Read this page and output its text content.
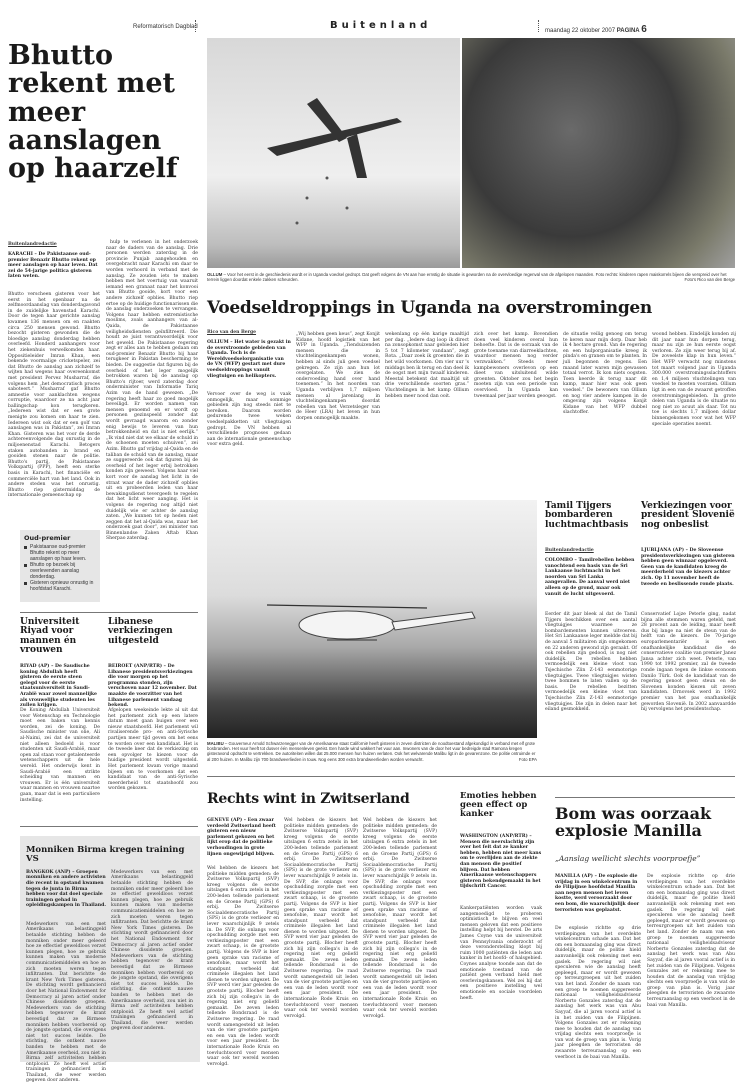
Reformatorisch Dagblad	Buitenland	maandag 22 oktober 2007 PAGINA 6
Bhutto rekent met meer aanslagen op haarzelf
Buitenlandredactie
KARACHI – De Pakistaanse oud-premier Benazir Bhutto rekent op meer aanslagen op haar leven. Dat zei de 54-jarige politica gisteren laten weten.
Bhutto verscheen gisteren voor het eerst in het openbaar na de zelfmoordaanslag van donderdagavond in de zuidelijke havenstad Karachi. Door de tegen haar gerichte aanslag kwamen 136 mensen om en raakten circa 250 mensen gewond. Bhutto bezocht gisteren gewonden die de bloedige aanslag donderdag hebben overleefd. Honderd aanhangers voor het ziekenhuis verwelkomden haar. Oppositieleider Imran Khan, een bekende voormalige cricketspeler, zei dat Bhutto de aanslag aan zichzelf te wijten had wegens haar overeenkomst met president Pervez Musharraf, die volgens hem „het democratisch proces saboteert.” Musharraf gaf Bhutto amnestie voor aanklachten wegens corruptie, waardoor ze na acht jaar ballingschap kon terugkeren. „Iedereen wist dat er een grote menigte zou komen om haar te zien. Iedereen wist ook dat er een golf van aanslagen was in Pakistan”, zei Imran Khan. Gisteren was het voor de derde achtereenvolgende dag onrustig in de miljoenenstad Karachi. Betogers staken autobanden in brand en gooiden stenen naar de politie. Bhutto's partij, de Pakistaanse Volkspartij (PPP), heeft een sterke basis in Karachi, het financiële en commerciële hart van het land. Ook in andere steden was het onrustig. Bhutto riep gistermiddag de internationale gemeenschap op
hulp te verlenen in het onderzoek naar de daders van de aanslag. Drie personen werden zaterdag in de provincie Punjab aangehouden en overgebracht naar Karachi om daar te worden verhoord in verband met de aanslag. Ze zouden iets te maken hebben met het voertuig van waaruit iemand een granaat naar het konvooi van Bhutto gooide, kort voor een andere zichzelf opblies. Bhutto riep ertoe op de huidige functionarissen die de aanslag onderzoeken te vervangen. Volgens haar hebben extremistische moslims, zoals aanhangers van al-Qaida, de Pakistaanse veiligheidsdiensten geïnfiltreerd. Die houdt ze juist verantwoordelijk voor het geweld. De Pakistaanse regering zegt er alles aan te hebben gedaan om oud-premier Benazir Bhutto bij haar terugkeer in Pakistan bescherming te bieden. De suggestie dat figuren bij de overheid of het leger mogelijk betrokken waren bij de aanslag op Bhutto's rijtoer, werd zaterdag door onderminister van Informatie Tariq Azim van de hand gewezen. „De regering heeft haar zo goed mogelijk beveiligd. Er worden namen van mensen genoemd en er wordt op personen gezinspeeld zonder dat wordt gevraagd waarom en zonder enig bewijs te leveren van hun betrokkenheid en dat is niet eerlijk.” „Ik vind niet dat we elkaar de schuld in de schoenen moeten schuiven”, zei Azim. Bhutto gaf vrijdag al-Qaida en de taliban de schuld van de aanslag, maar ze suggereerde ook dat figuren bij de overheid of het leger erbij betrokken konden zijn geweest. Volgens haar viel kort voor de aanslag het licht in de straat waar de dader zichzelf opblies uit en probeerden leden van haar bewakingsdienst tevergeefs te regelen dat het licht weer aanging. Het is volgens de regering nog altijd niet duidelijk wie er achter de aanslag zaten. „We kunnen tot op heden niet zeggen dat het al-Qaida was, maar het onderzoek gaat door”, zei minister van Binnenlandse Zaken Aftab Khan Sherpao zaterdag.
Oud-premier
Pakistaanse oud-premier Bhutto rekent op meer aanslagen op haar leven.
Bhutto op bezoek bij overlevenden aanslag donderdag.
Gisteren opnieuw onrustig in hoofdstad Karachi.
Universiteit Riyad voor mannen én vrouwen
RIYAD (AP) – De Saudische koning Abdullah heeft gisteren de eerste steen gelegd voor de eerste staatsuniversiteit in Saudi-Arabië waar zowel mannelijke als vrouwelijke studenten les zullen krijgen.
De Koning Abdullah Universiteit voor Wetenschap en Technologie moet een baken van kennis worden, zei de koning. De Saudische minister van olie, Ali al-Naimi, zei dat de universiteit niet alleen bedoeld is voor studenten uit Saudi-Arabië, maar open zal staan voor getalenteerde wetenschappers uit de hele wereld. Het onderwijs kent in Saudi-Arabië een strikte scheiding van mannen en vrouwen. Er is één universiteit waar mannen en vrouwen naartoe gaan, maar dat is een particuliere instelling.
Libanese verkiezingen uitgesteld
BEIROET (ANP/RTR) – De Libanese presidentsverkiezingen die voor morgen op het programma stonden, zijn verschoven naar 12 november. Dat maakte de voorzitter van het Libanese parlement vandaag bekend.
Afgelopen weekeinde lekte al uit dat het parlement zich op een latere datum moet gaan buigen over een nieuw staatshoofd. Het parlement wil rivaliserende pro- en anti-Syrische partijen meer tijd geven om het eens te worden over een kandidaat. Het is de tweede keer dat de verkiezing om een opvolger te kiezen voor de huidige president wordt uitgesteld. Het parlement kwam vorige maand bijeen om te voorkomen dat een kandidaat van de anti-Syrische meerderheid tot staatshoofd zou worden gekozen.
Monniken Birma kregen training VS
BANGKOK (ANP) – Groepen monniken en andere activisten die recent in opstand kwamen tegen de junta in Birma hebben voor dat doel speciale trainingen gehad in opleidingskampen in Thailand.
Medewerkers van een met Amerikaans belastinggeld betaalde stichting hebben de monniken onder meer geleerd hoe ze effectief geweldloos verzet kunnen plegen, hoe ze gebruik kunnen maken van moderne communicatiemiddelen en hoe ze zich moeten weren tegen infiltranten. Dat berichtte de krant New York Times gisteren. De stichting wordt gefinancierd door het National Endowment for Democracy al jaren actief onder Chinese dissidente groepen. Medewerkers van de stichting hebben tegenover de krant bevestigd dat ze Birmese monniken hebben voorbereid op de jongste opstand, die overigens niet tot succes leidde. De stichting, die ontkent nauwe banden te hebben met de Amerikaanse overheid, zou niet in Birma zelf activiteiten hebben ontplooid. Ze heeft wel actief trainingen gefinancierd in Thailand, die weer werden gegeven door anderen.
Medewerkers van een met Amerikaans belastinggeld betaalde stichting hebben de monniken onder meer geleerd hoe ze effectief geweldloos verzet kunnen plegen, hoe ze gebruik kunnen maken van moderne communicatiemiddelen en hoe ze zich moeten weren tegen infiltranten. Dat berichtte de krant New York Times gisteren. De stichting wordt gefinancierd door het National Endowment for Democracy al jaren actief onder Chinese dissidente groepen. Medewerkers van de stichting hebben tegenover de krant bevestigd dat ze Birmese monniken hebben voorbereid op de jongste opstand, die overigens niet tot succes leidde. De stichting, die ontkent nauwe banden te hebben met de Amerikaanse overheid, zou niet in Birma zelf activiteiten hebben ontplooid. Ze heeft wel actief trainingen gefinancierd in Thailand, die weer werden gegeven door anderen.
OLLUM – Voor het eerst in de geschiedenis wordt er in Uganda voedsel gedropt. Dat geeft volgens de VN aan hoe ernstig de situatie is geworden na de overvloedige regenval van de afgelopen maanden. Foto rechts: kinderen rapen maiskorrels bijeen die verspreid over het terrein liggen doordat enkele zakken scheurden.	Foto's Rico van den Berge
Voedseldroppings in Uganda na overstromingen
Rico van den Berge
OLLIUM – Het water is gezakt in de overstroomde gebieden van Uganda. Toch is de Wereldvoedselorganisatie van de VN (WFP) gestart met dure voedseldroppings vanuit vliegtuigen en helikopters.
Vervoer over de weg is vaak onmogelijk, maar sommige gebieden zijn nog steeds niet te bereiken. Daarom worden gedurende twee weken voedselpakketten uit vliegtuigen gedropt. De VN hebben al verschillende prognoses gedaan aan de internationale gemeenschap voor extra geld.
„Wij hebben geen keus”, zegt Konjit Kidane, hoofd logistiek van het WFP in Uganda. „Tienduizenden mensen die in vluchtelingenkampen wonen, hebben al sinds juli geen voedsel gekregen. Ze zijn aan hun lot overgelaten. We zien de ondervoeding hand over hand toenemen.” In het noorden van Uganda verblijven 1,7 miljoen mensen al jarenlang in vluchtelingenkampen doordat rebellen van het Verzetsleger van de Heer (LRA) het leven in hun dorpen onmogelijk maakte.
wekenlang op één karige maaltijd per dag. „Iedere dag loop ik direct na zonsopkomst naar gebieden hier 5 tot 7 kilometer vandaan”, zegt Rota. „Daar zoek ik groenten die in het wild voorkomen. Om vier uur 's middags ben ik terug en dan deel ik de oogst met mijn twaalf kinderen. Meestal betekent dat maaltijd uit drie verschillende soorten gras.” Vluchtelingen in het kamp Ollium hebben meer nood dan ooit.
zich over het kamp. Bovendien doen veel kinderen overal hun behoefte. Dat is de oorzaak van de grote toename van diarreeklachten, waardoor mensen nog verder verzwakken.” Steeds meer kampbewoners overlevon op een dieet van uitsluitend wilde groenten. Oktober zou het begin moeten zijn van een periode van overvloed. In Uganda kan tweemaal per jaar worden geoogst.
de situatie veilig genoeg om terug te keren naar mijn dorp. Daar heb ik 4 hectare grond. Van de regering en een hulporganisatie kreeg ik pinda's en granen om te planten. In juli begonnen de regens. Een maand later waren mijn gewassen totaal verrot. Ik kon niets oogsten. Toen keerde ik terug naar dit kamp, maar hier was ook geen voedsel.” De bewoners van Ollium en nog vier andere kampen in de omgeving zijn volgens Konjit Kidane van het WFP dubbel slachtoffer.
woond hebben. Eindelijk konden zij dit jaar naar hun dorpen terug, maar nu zijn ze hun eerste oogst verloren. Ze zijn weer terug bij af. De zoveelste klap in hun leven.” Het WFP verwacht nog minstens tot maart volgend jaar in Uganda 300.000 overstromingsslachtoffers en 1,4 miljoen vluchtelingen van voedsel te moeten voorzien. Ollium ligt in een van de zwaarst getroffen overstromingsgebieden. In grote delen van Uganda is de situatie nu nog niet zo acuut als daar. Tot nu toe is slechts 1,7 miljoen dollar binnengekomen voor wat het WFP speciale operaties noemt.
MALIBU – Gouverneur Arnold Schwarzenegger van de Amerikaanse staat Californië heeft gisteren in zeven districten de noodtoestand afgekondigd in verband met elf grote bosbranden. Het vuur heeft tot dusver één mensenleven geëist. Een harde wind wakkert het vuur aan. Inwoners van de door het vuur bedreigde stad Ramona kregen gisteravond opdracht te vertrekken. De autoriteiten willen dat 25.000 mensen hun huizen verlaten. Ook het welvarende Malibu ligt in de gevarenzone. De politie ontruimde er al 200 huizen. In Malibu zijn 700 brandweerlieden in touw. Nog eens 300 extra brandweerlieden worden verwacht.	Foto EPA
Tamil Tijgers bombarderen luchtmachtbasis
Buitenlandredactie
COLOMBO – Tamilrebellen hebben vanochtend een basis van de Sri Lankaanse luchtmacht in het noorden van Sri Lanka aangevallen. De aanval werd niet alleen op de grond, maar ook vanuit de lucht uitgevoerd.
Eerder dit jaar bleek al dat de Tamil Tijgers beschikken over een aantal vliegtuigjes waarmee ze bombardementen kunnen uitvoeren. Het Sri Lankaanse leger meldde dat bij de aanval 5 militairen zijn omgekomen en 22 anderen gewond zijn geraakt. Of ook rebellen zijn gedood, is nog niet duidelijk. De rebellen hebben vermoedelijk een kleine vloot van Tsjechische Zlin Z-143 eenmotorige vliegtuigjes. Twee vliegtuigjes wisten twee bommen te laten vallen op de basis. De rebellen bezitten vermoedelijk een kleine vloot van Tsjechische Zlin Z-143 eenmotorige vliegtuigjes. Die zijn in delen naar het eiland gesmokkeld.
Verkiezingen voor president Slovenië nog onbeslist
LJUBLJANA (AP) – De Sloveense presidentsverkiezingen van gisteren hebben geen winnaar opgeleverd. Geen van de kandidaten kreeg de meerderheid van de kiezers achter zich. Op 11 november heeft de tweede en beslissende ronde plaats.
Conservatief Lojze Peterle ging, nadat bijna alle stemmen waren geteld, met 28 procent aan de leiding, maar heeft dus bij lange na niet de steun van de helft van de kiezers. De 70-jarige europarlementariër is een onafhankelijke kandidaat die de conservatieve coalitie van premier Janez Jansa achter zich weet. Peterle, van 1990 tot 1992 premier, zal de tweede ronde ingaan tegen de linkse econoom Danilo Türk. Ook de kandidaat van de regering genoot geen steun en de Slovenen konden kiezen uit zeven kandidaten. Drnovsek werd in 1992 premier van het pas onafhankelijk geworden Slovenië. In 2002 aanvaardde hij vervolgens het presidentschap.
Rechts wint in Zwitserland
GENEVE (AP) – Een zwaar verdeeld Zwitserland heeft gisteren een nieuw parlement gekozen en het lijkt erop dat de politieke verhoudingen in grote lijnen ongewijzigd blijven.
Wel hebben de kiezers het politieke midden gemeden: de Zwitserse Volkspartij (SVP) kreeg volgens de eerste uitslagen 6 extra zetels in het 200-leden tellende parlement en de Groene Partij (GPS) 6 erbij. De Zwitserse Sociaaldemocratische Partij (SPS) is de grote verliezer en lever waarschijnlijk 9 zetels in. De SVP, die onlangs voor opschudding zorgde met een verkiezingsposter met een zwart schaap, is de grootste partij. Volgens de SVP is hier geen sprake van racisme of xenofobie, maar wordt het standpunt verbeeld dat criminele illegalen het land dienen te worden uitgezet. De SVP werd vier jaar geleden de grootste partij. Blocher heeft zich bij zijn collega's in de regering niet erg geliefd gemaakt. De zeven leden tellende Bondsraad is de Zwitserse regering. De raad wordt samengesteld uit leden van de vier grootste partijen en een van de leden wordt voor een jaar president. De internationale Rode Kruis en toevluchtsoord voor mensen waar ook ter wereld worden vervolgd.
Wel hebben de kiezers het politieke midden gemeden: de Zwitserse Volkspartij (SVP) kreeg volgens de eerste uitslagen 6 extra zetels in het 200-leden tellende parlement en de Groene Partij (GPS) 6 erbij. De Zwitserse Sociaaldemocratische Partij (SPS) is de grote verliezer en lever waarschijnlijk 9 zetels in. De SVP, die onlangs voor opschudding zorgde met een verkiezingsposter met een zwart schaap, is de grootste partij. Volgens de SVP is hier geen sprake van racisme of xenofobie, maar wordt het standpunt verbeeld dat criminele illegalen het land dienen te worden uitgezet. De SVP werd vier jaar geleden de grootste partij. Blocher heeft zich bij zijn collega's in de regering niet erg geliefd gemaakt. De zeven leden tellende Bondsraad is de Zwitserse regering. De raad wordt samengesteld uit leden van de vier grootste partijen en een van de leden wordt voor een jaar president. De internationale Rode Kruis en toevluchtsoord voor mensen waar ook ter wereld worden vervolgd.
Wel hebben de kiezers het politieke midden gemeden: de Zwitserse Volkspartij (SVP) kreeg volgens de eerste uitslagen 6 extra zetels in het 200-leden tellende parlement en de Groene Partij (GPS) 6 erbij. De Zwitserse Sociaaldemocratische Partij (SPS) is de grote verliezer en lever waarschijnlijk 9 zetels in. De SVP, die onlangs voor opschudding zorgde met een verkiezingsposter met een zwart schaap, is de grootste partij. Volgens de SVP is hier geen sprake van racisme of xenofobie, maar wordt het standpunt verbeeld dat criminele illegalen het land dienen te worden uitgezet. De SVP werd vier jaar geleden de grootste partij. Blocher heeft zich bij zijn collega's in de regering niet erg geliefd gemaakt. De zeven leden tellende Bondsraad is de Zwitserse regering. De raad wordt samengesteld uit leden van de vier grootste partijen en een van de leden wordt voor een jaar president. De internationale Rode Kruis en toevluchtsoord voor mensen waar ook ter wereld worden vervolgd.
Emoties hebben geen effect op kanker
WASHINGTON (ANP/RTR) – Mensen die neerslachtig zijn over het feit dat ze kanker hebben, hebben niet meer kans om te overlijden aan de ziekte dan mensen die positief blijven. Dat hebben Amerikaanse wetenschappers gisteren bekendgemaakt in het tijdschrift Cancer.
Kankerpatiënten worden vaak aangemoedigd te proberen optimistisch te blijven en veel mensen geloven dat een positieve instelling helpt bij herstel. De arts James Coyne van de universiteit van Pennsylvania onderzocht of deze veronderstelling klopt bij ruim 1000 patiënten die leden aan kanker in het hoofd- of halsgebied. Coynes analyse toonde aan dat de emotionele toestand van de patiënt geen verband hield met overlevingskansen. Wel zei hij dat een positieve instelling wel emotionele en sociale voordelen heeft.
Bom was oorzaak explosie Manilla
„Aanslag wellicht slechts voorproefje”
MANILLA (AP) – De explosie die vrijdag in een winkelcentrum in de Filipijnse hoofdstad Manilla aan negen mensen het leven kostte, werd veroorzaakt door een bom, die waarschijnlijk door terroristen was geplaatst.
De explosie richtte op drie verdiepingen van het overdekte winkelcentrum schade aan. Dat het om een bomaanslag ging was direct duidelijk, maar de politie hield aanvankelijk ook rekening met een gaslek. De regering wil niet speculeren wie de aanslag heeft gepleegd, maar er wordt gewezen op terreurgroepen uit het zuiden van het land. Zonder de naam van een groep te noemen suggereerde nationaal veiligheidsadviseur Norberto Gonzales zaterdag dat de aanslag het werk was van Abu Sayyaf, die al jaren vooral actief is in het zuiden van de Filipijnen. Volgens Gonzales zet er rekening mee te houden dat de aanslag van vrijdag slechts een voorproefje is van wat de groep van plan is. Vorig jaar pleegden de terroristen de zwaarste terreuraanslag op een veerboot in de baai van Manilla.
De explosie richtte op drie verdiepingen van het overdekte winkelcentrum schade aan. Dat het om een bomaanslag ging was direct duidelijk, maar de politie hield aanvankelijk ook rekening met een gaslek. De regering wil niet speculeren wie de aanslag heeft gepleegd, maar er wordt gewezen op terreurgroepen uit het zuiden van het land. Zonder de naam van een groep te noemen suggereerde nationaal veiligheidsadviseur Norberto Gonzales zaterdag dat de aanslag het werk was van Abu Sayyaf, die al jaren vooral actief is in het zuiden van de Filipijnen. Volgens Gonzales zet er rekening mee te houden dat de aanslag van vrijdag slechts een voorproefje is van wat de groep van plan is. Vorig jaar pleegden de terroristen de zwaarste terreuraanslag op een veerboot in de baai van Manilla.
